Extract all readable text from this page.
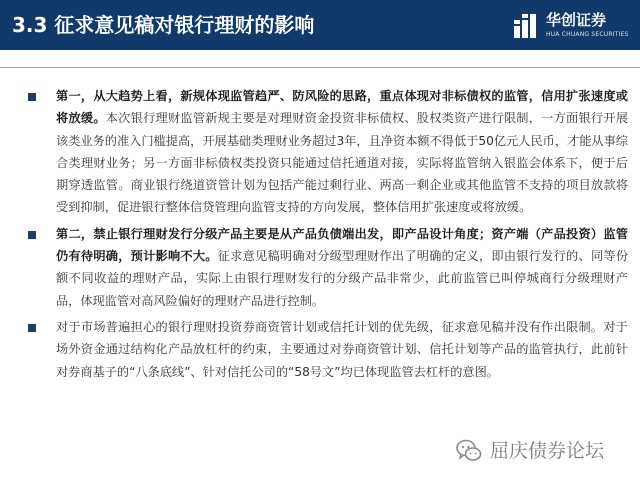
3.3 征求意见稿对银行理财的影响	华创证券
HUA CHUANG SECURITIES
第一，从大趋势上看，新规体现监管趋严、防风险的思路，重点体现对非标债权的监管，信用扩张速度或将放缓。本次银行理财监管新规主要是对理财资金投资非标债权、股权类资产进行限制，一方面银行开展该类业务的准入门槛提高，开展基础类理财业务超过3年，且净资本额不得低于50亿元人民币，才能从事综合类理财业务；另一方面非标债权类投资只能通过信托通道对接，实际将监管纳入银监会体系下，便于后期穿透监管。商业银行绕道资管计划为包括产能过剩行业、两高一剩企业或其他监管不支持的项目放款将受到抑制，促进银行整体信贷管理向监管支持的方向发展，整体信用扩张速度或将放缓。
第二，禁止银行理财发行分级产品主要是从产品负债端出发，即产品设计角度；资产端（产品投资）监管仍有待明确，预计影响不大。征求意见稿明确对分级型理财作出了明确的定义，即由银行发行的、同等份额不同收益的理财产品，实际上由银行理财发行的分级产品非常少，此前监管已叫停城商行分级理财产品，体现监管对高风险偏好的理财产品进行控制。
对于市场普遍担心的银行理财投资券商资管计划或信托计划的优先级，征求意见稿并没有作出限制。对于场外资金通过结构化产品放杠杆的约束，主要通过对券商资管计划、信托计划等产品的监管执行，此前针对券商基子的“八条底线”、针对信托公司的“58号文”均已体现监管去杠杆的意图。
屈庆债券论坛
